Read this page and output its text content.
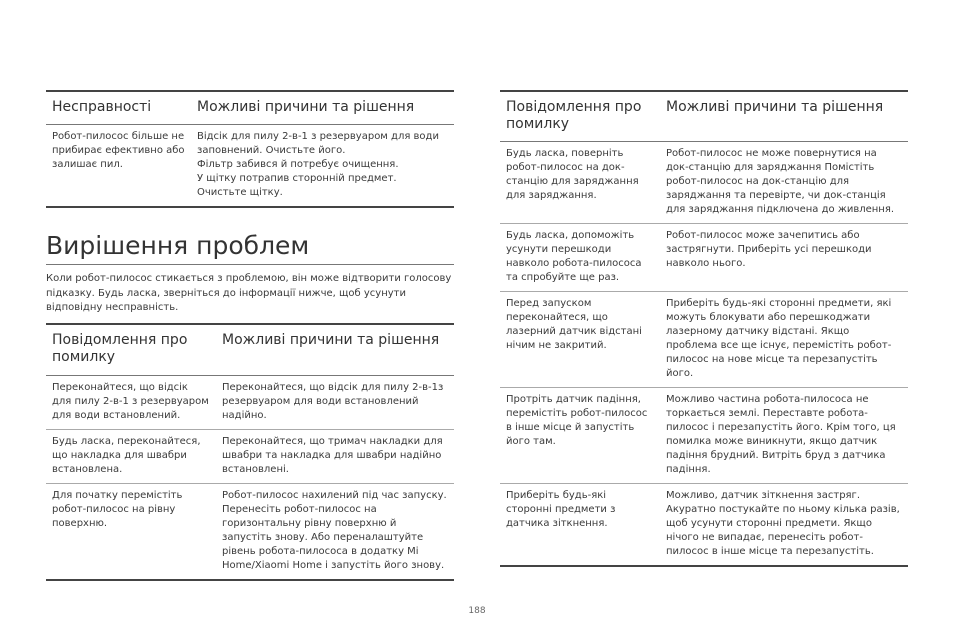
Несправності	Можливі причини та рішення
Робот-пилосос більше не прибирає ефективно або залишає пил.	Відсік для пилу 2-в-1 з резервуаром для води заповнений. Очистьте його.
Фільтр забився й потребує очищення.
У щітку потрапив сторонній предмет. Очистьте щітку.
Вирішення проблем

Коли робот-пилосос стикається з проблемою, він може відтворити голосову підказку. Будь ласка, зверніться до інформації нижче, щоб усунути відповідну несправність.

Повідомлення про помилку	Можливі причини та рішення
Переконайтеся, що відсік для пилу 2-в-1 з резервуаром для води встановлений.	Переконайтеся, що відсік для пилу 2-в-1з резервуаром для води встановлений надійно.
Будь ласка, переконайтеся, що накладка для швабри встановлена.	Переконайтеся, що тримач накладки для швабри та накладка для швабри надійно встановлені.
Для початку перемістіть робот-пилосос на рівну поверхню.	Робот-пилосос нахилений під час запуску. Перенесіть робот-пилосос на горизонтальну рівну поверхню й запустіть знову. Або переналаштуйте рівень робота-пилососа в додатку Mi Home/Xiaomi Home і запустіть його знову.
Повідомлення про помилку	Можливі причини та рішення
Будь ласка, поверніть робот-пилосос на док-станцію для заряджання для заряджання.	Робот-пилосос не може повернутися на док-станцію для заряджання Помістіть робот-пилосос на док-станцію для заряджання та перевірте, чи док-станція для заряджання підключена до живлення.
Будь ласка, допоможіть усунути перешкоди навколо робота-пилососа та спробуйте ще раз.	Робот-пилосос може зачепитись або застрягнути. Приберіть усі перешкоди навколо нього.
Перед запуском переконайтеся, що лазерний датчик відстані нічим не закритий.	Приберіть будь-які сторонні предмети, які можуть блокувати або перешкоджати лазерному датчику відстані. Якщо проблема все ще існує, перемістіть робот-пилосос на нове місце та перезапустіть його.
Протріть датчик падіння, перемістіть робот-пилосос в інше місце й запустіть його там.	Можливо частина робота-пилососа не торкається землі. Переставте робота-пилосос і перезапустіть його. Крім того, ця помилка може виникнути, якщо датчик падіння брудний. Витріть бруд з датчика падіння.
Приберіть будь-які сторонні предмети з датчика зіткнення.	Можливо, датчик зіткнення застряг. Акуратно постукайте по ньому кілька разів, щоб усунути сторонні предмети. Якщо нічого не випадає, перенесіть робот-пилосос в інше місце та перезапустіть.
188
